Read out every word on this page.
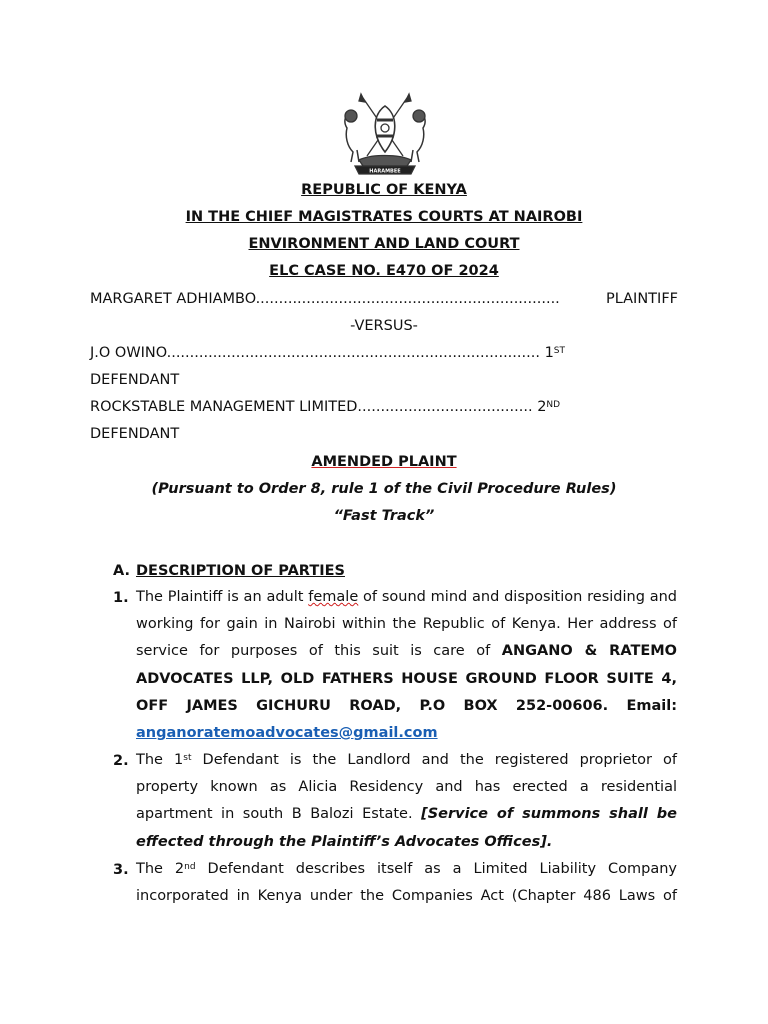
HARAMBEE
REPUBLIC OF KENYA
IN THE CHIEF MAGISTRATES COURTS AT NAIROBI
ENVIRONMENT AND LAND COURT
ELC CASE NO. E470 OF 2024
MARGARET ADHIAMBO..................................................................	PLAINTIFF
-VERSUS-
J.O OWINO................................................................................. 1ST
DEFENDANT
ROCKSTABLE MANAGEMENT LIMITED...................................... 2ND
DEFENDANT
AMENDED PLAINT
(Pursuant to Order 8, rule 1 of the Civil Procedure Rules)
“Fast Track”
A. DESCRIPTION OF PARTIES
1. The Plaintiff is an adult female of sound mind and disposition residing and working for gain in Nairobi within the Republic of Kenya. Her address of service for purposes of this suit is care of ANGANO & RATEMO ADVOCATES LLP, OLD FATHERS HOUSE GROUND FLOOR SUITE 4, OFF JAMES GICHURU ROAD, P.O BOX 252-00606. Email: anganoratemoadvocates@gmail.com
2. The 1st Defendant is the Landlord and the registered proprietor of property known as Alicia Residency and has erected a residential apartment in south B Balozi Estate. [Service of summons shall be effected through the Plaintiff’s Advocates Offices].
3. The 2nd Defendant describes itself as a Limited Liability Company incorporated in Kenya under the Companies Act (Chapter 486 Laws of
